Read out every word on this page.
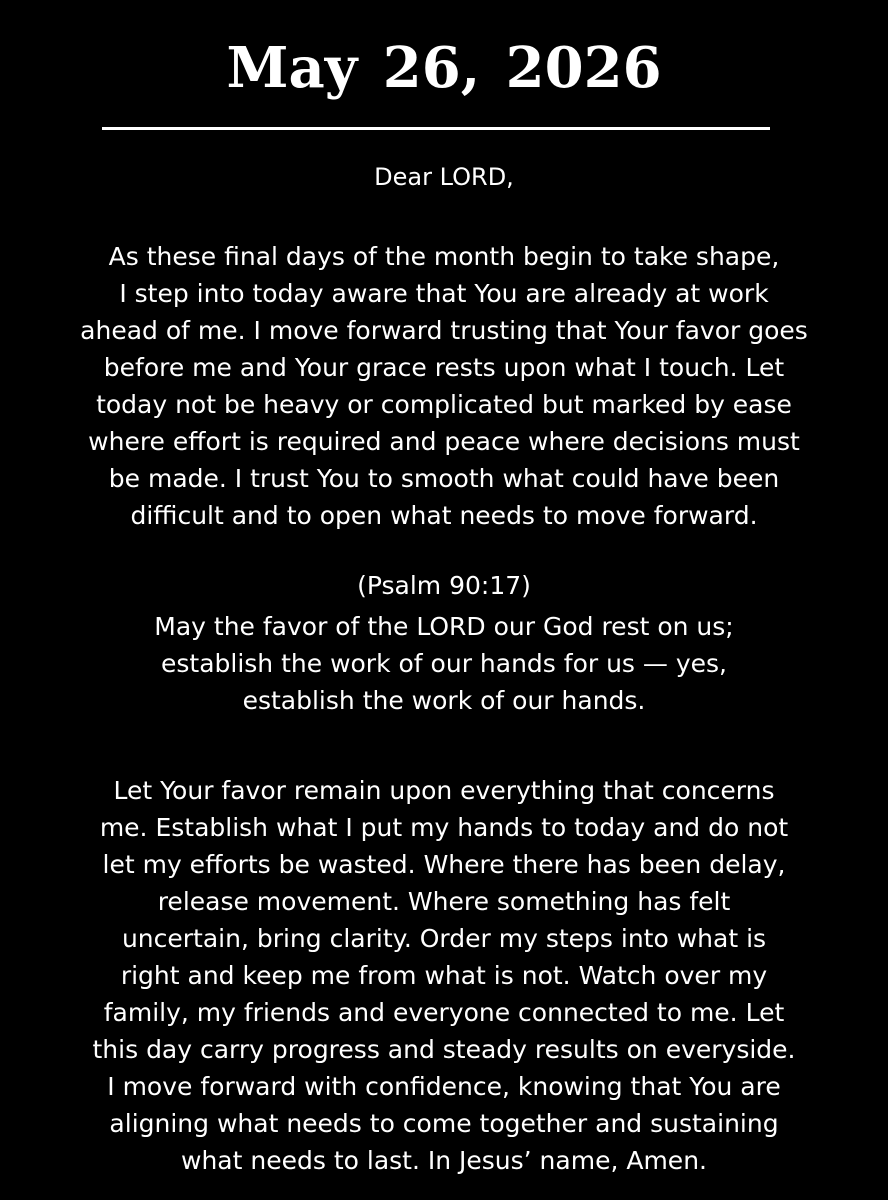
May 26, 2026

Dear LORD,

As these final days of the month begin to take shape,
I step into today aware that You are already at work
ahead of me. I move forward trusting that Your favor goes
before me and Your grace rests upon what I touch. Let
today not be heavy or complicated but marked by ease
where effort is required and peace where decisions must
be made. I trust You to smooth what could have been
difficult and to open what needs to move forward.

(Psalm 90:17)

May the favor of the LORD our God rest on us;
establish the work of our hands for us — yes,
establish the work of our hands.

Let Your favor remain upon everything that concerns
me. Establish what I put my hands to today and do not
let my efforts be wasted. Where there has been delay,
release movement. Where something has felt
uncertain, bring clarity. Order my steps into what is
right and keep me from what is not. Watch over my
family, my friends and everyone connected to me. Let
this day carry progress and steady results on everyside.
I move forward with confidence, knowing that You are
aligning what needs to come together and sustaining
what needs to last. In Jesus’ name, Amen.
